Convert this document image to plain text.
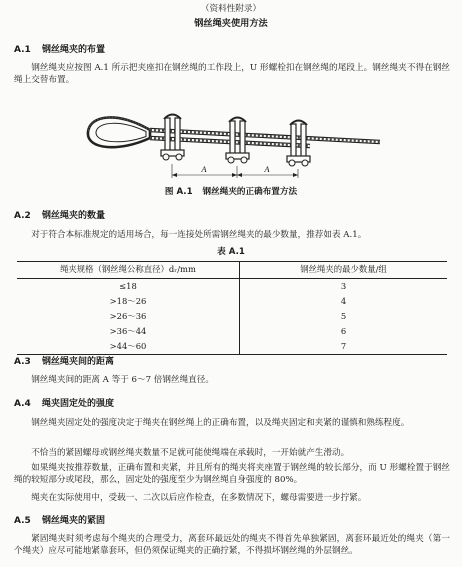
（资料性附录）
钢丝绳夹使用方法
A.1 钢丝绳夹的布置
钢丝绳夹应按图 A.1 所示把夹座扣在钢丝绳的工作段上，U 形螺栓扣在钢丝绳的尾段上。钢丝绳夹不得在钢丝绳上交替布置。
A	A
图 A.1 钢丝绳夹的正确布置方法
A.2 钢丝绳夹的数量
对于符合本标准规定的适用场合，每一连接处所需钢丝绳夹的最少数量，推荐如表 A.1。
表 A.1
绳夹规格（钢丝绳公称直径）dᵣ/mm	钢丝绳夹的最少数量/组
≤18	3
>18～26	4
>26～36	5
>36～44	6
>44～60	7
A.3 钢丝绳夹间的距离
钢丝绳夹间的距离 A 等于 6～7 倍钢丝绳直径。
A.4 绳夹固定处的强度
钢丝绳夹固定处的强度决定于绳夹在钢丝绳上的正确布置，以及绳夹固定和夹紧的谨慎和熟练程度。
不恰当的紧固螺母或钢丝绳夹数量不足就可能使绳端在承载时，一开始就产生滑动。
如果绳夹按推荐数量，正确布置和夹紧，并且所有的绳夹将夹座置于钢丝绳的较长部分，而 U 形螺栓置于钢丝绳的较短部分或尾段，那么，固定处的强度至少为钢丝绳自身强度的 80%。
绳夹在实际使用中，受载一、二次以后应作检查，在多数情况下，螺母需要进一步拧紧。
A.5 钢丝绳夹的紧固
紧固绳夹时须考虑每个绳夹的合理受力，离套环最远处的绳夹不得首先单独紧固，离套环最近处的绳夹（第一个绳夹）应尽可能地紧靠套环，但仍须保证绳夹的正确拧紧，不得损坏钢丝绳的外层钢丝。
